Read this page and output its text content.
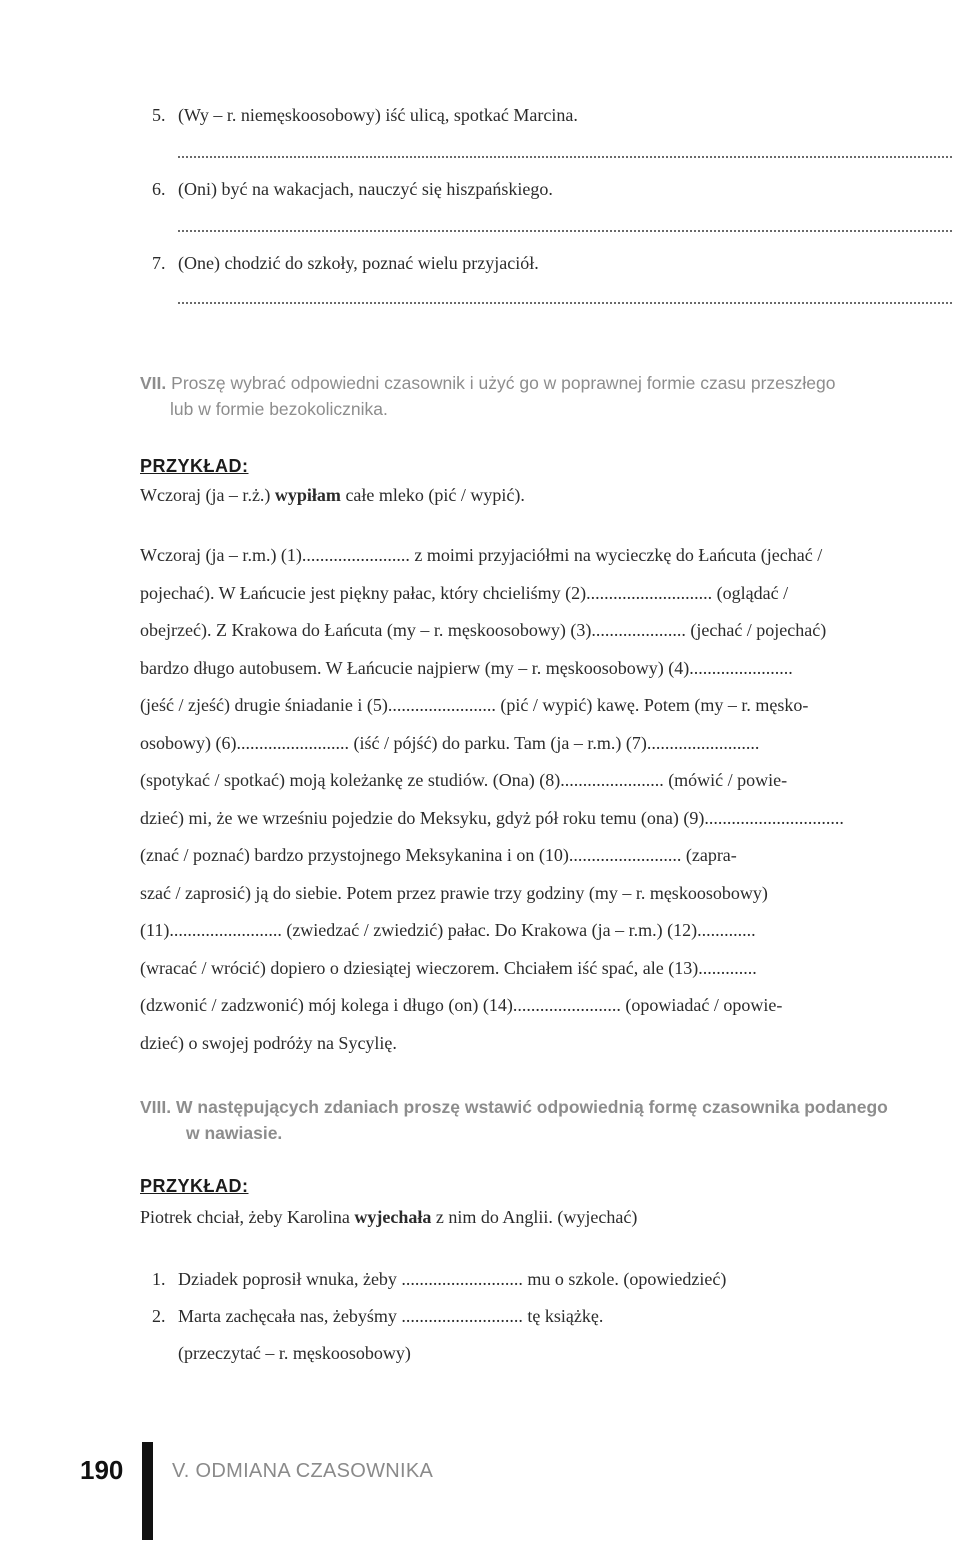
5. (Wy – r. niemęskoosobowy) iść ulicą, spotkać Marcina.
6. (Oni) być na wakacjach, nauczyć się hiszpańskiego.
7. (One) chodzić do szkoły, poznać wielu przyjaciół.
VII. Proszę wybrać odpowiedni czasownik i użyć go w poprawnej formie czasu przeszłego
lub w formie bezokolicznika.
PRZYKŁAD:
Wczoraj (ja – r.ż.) wypiłam całe mleko (pić / wypić).
Wczoraj (ja – r.m.) (1)........................ z moimi przyjaciółmi na wycieczkę do Łańcuta (jechać /
pojechać). W Łańcucie jest piękny pałac, który chcieliśmy (2)............................ (oglądać /
obejrzeć). Z Krakowa do Łańcuta (my – r. męskoosobowy) (3)..................... (jechać / pojechać)
bardzo długo autobusem. W Łańcucie najpierw (my – r. męskoosobowy) (4).......................
(jeść / zjeść) drugie śniadanie i (5)........................ (pić / wypić) kawę. Potem (my – r. męsko-
osobowy) (6)......................... (iść / pójść) do parku. Tam (ja – r.m.) (7).........................
(spotykać / spotkać) moją koleżankę ze studiów. (Ona) (8)....................... (mówić / powie-
dzieć) mi, że we wrześniu pojedzie do Meksyku, gdyż pół roku temu (ona) (9)...............................
(znać / poznać) bardzo przystojnego Meksykanina i on (10)......................... (zapra-
szać / zaprosić) ją do siebie. Potem przez prawie trzy godziny (my – r. męskoosobowy)
(11)......................... (zwiedzać / zwiedzić) pałac. Do Krakowa (ja – r.m.) (12).............
(wracać / wrócić) dopiero o dziesiątej wieczorem. Chciałem iść spać, ale (13).............
(dzwonić / zadzwonić) mój kolega i długo (on) (14)........................ (opowiadać / opowie-
dzieć) o swojej podróży na Sycylię.
VIII. W następujących zdaniach proszę wstawić odpowiednią formę czasownika podanego
w nawiasie.
PRZYKŁAD:
Piotrek chciał, żeby Karolina wyjechała z nim do Anglii. (wyjechać)
1. Dziadek poprosił wnuka, żeby ........................... mu o szkole. (opowiedzieć)
2. Marta zachęcała nas, żebyśmy ........................... tę książkę.
(przeczytać – r. męskoosobowy)
190 V. ODMIANA CZASOWNIKA
